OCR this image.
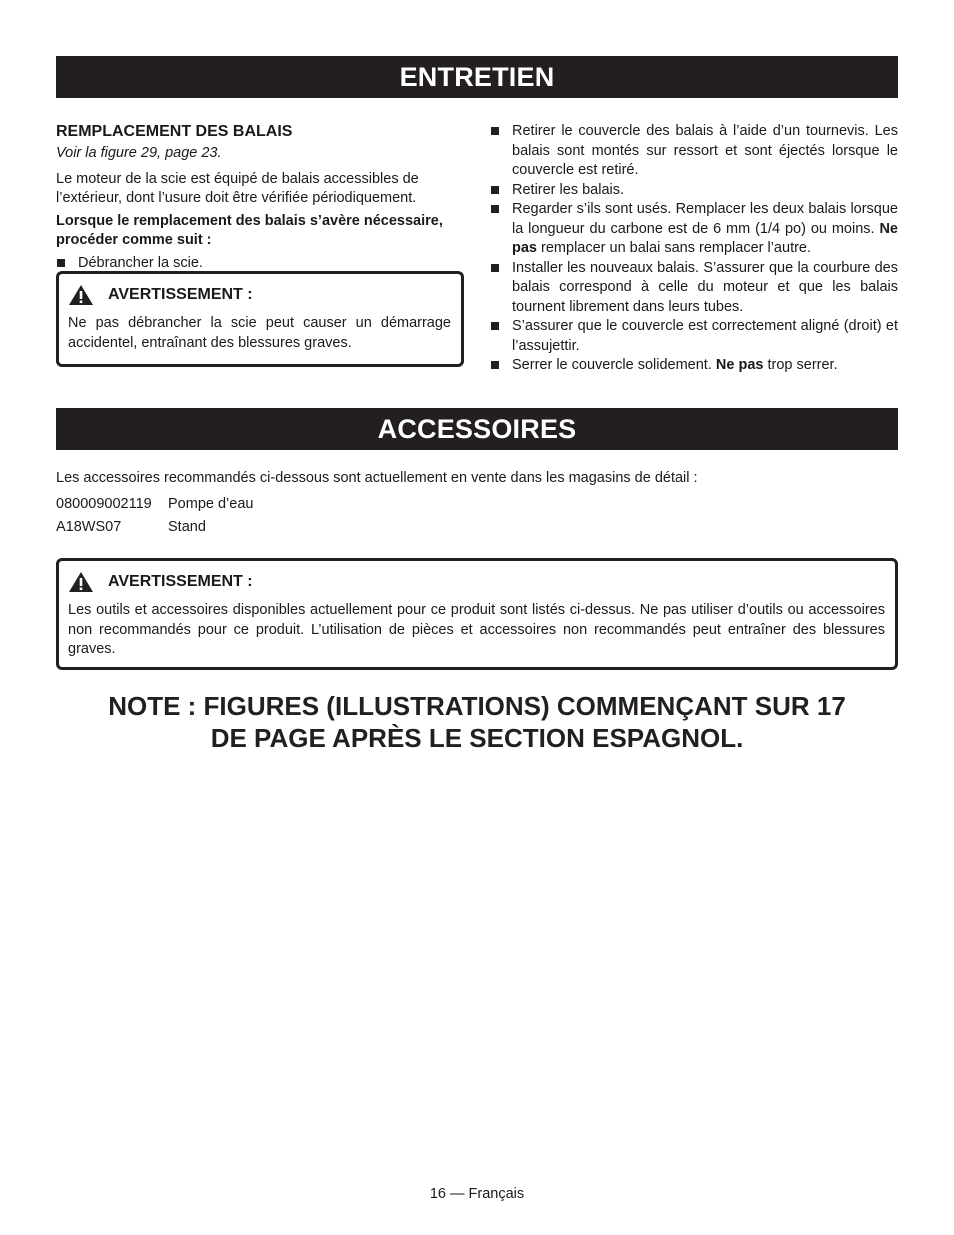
ENTRETIEN
REMPLACEMENT DES BALAIS
Voir la figure 29, page 23.

Le moteur de la scie est équipé de balais accessibles de l’extérieur, dont l’usure doit être vérifiée périodiquement.

Lorsque le remplacement des balais s’avère nécessaire, procéder comme suit :

Débrancher la scie.
AVERTISSEMENT :
Ne pas débrancher la scie peut causer un démarrage accidentel, entraînant des blessures graves.
Retirer le couvercle des balais à l’aide d’un tournevis. Les balais sont montés sur ressort et sont éjectés lorsque le couvercle est retiré.
Retirer les balais.
Regarder s’ils sont usés. Remplacer les deux balais lorsque la longueur du carbone est de 6 mm (1/4 po) ou moins. Ne pas remplacer un balai sans remplacer l’autre.
Installer les nouveaux balais. S’assurer que la courbure des balais correspond à celle du moteur et que les balais tournent librement dans leurs tubes.
S’assurer que le couvercle est correctement aligné (droit) et l’assujettir.
Serrer le couvercle solidement. Ne pas trop serrer.
ACCESSOIRES
Les accessoires recommandés ci-dessous sont actuellement en vente dans les magasins de détail :
080009002119 Pompe d’eau
A18WS07	Stand
AVERTISSEMENT :
Les outils et accessoires disponibles actuellement pour ce produit sont listés ci-dessus. Ne pas utiliser d’outils ou accessoires non recommandés pour ce produit. L’utilisation de pièces et accessoires non recommandés peut entraîner des blessures graves.
NOTE : FIGURES (ILLUSTRATIONS) COMMENÇANT SUR 17
DE PAGE APRÈS LE SECTION ESPAGNOL.
16 — Français
